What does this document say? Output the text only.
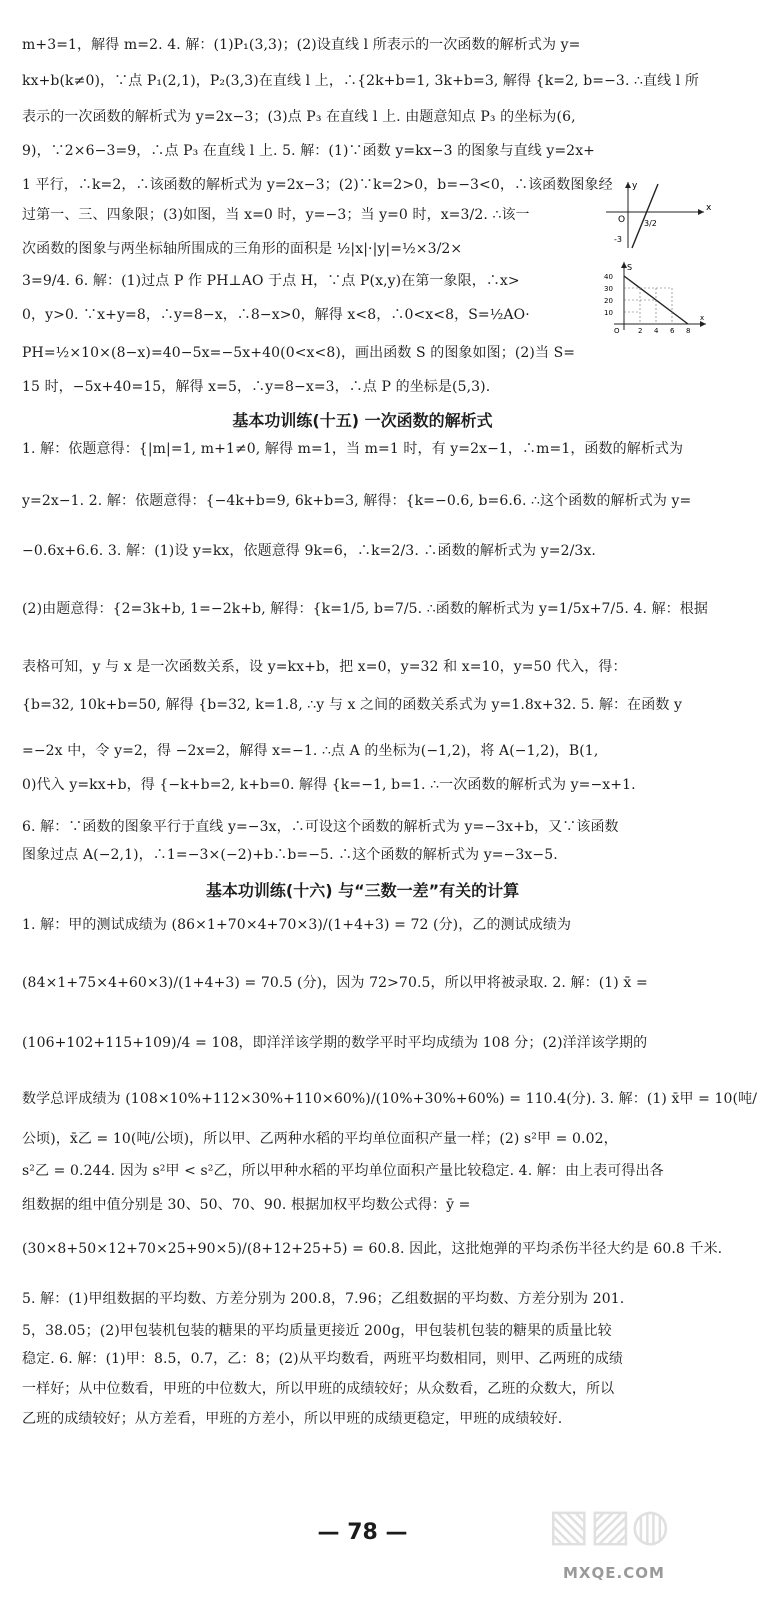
m+3=1，解得 m=2. 4. 解：(1)P₁(3,3)；(2)设直线 l 所表示的一次函数的解析式为 y=
kx+b(k≠0)，∵点 P₁(2,1)，P₂(3,3)在直线 l 上，∴{2k+b=1, 3k+b=3, 解得 {k=2, b=−3. ∴直线 l 所
表示的一次函数的解析式为 y=2x−3；(3)点 P₃ 在直线 l 上. 由题意知点 P₃ 的坐标为(6,
9)，∵2×6−3=9，∴点 P₃ 在直线 l 上. 5. 解：(1)∵函数 y=kx−3 的图象与直线 y=2x+
1 平行，∴k=2，∴该函数的解析式为 y=2x−3；(2)∵k=2>0，b=−3<0，∴该函数图象经
过第一、三、四象限；(3)如图，当 x=0 时，y=−3；当 y=0 时，x=3/2. ∴该一
次函数的图象与两坐标轴所围成的三角形的面积是 ½|x|·|y|=½×3/2×
3=9/4. 6. 解：(1)过点 P 作 PH⊥AO 于点 H，∵点 P(x,y)在第一象限，∴x>
0，y>0. ∵x+y=8，∴y=8−x，∴8−x>0，解得 x<8，∴0<x<8，S=½AO·
PH=½×10×(8−x)=40−5x=−5x+40(0<x<8)，画出函数 S 的图象如图；(2)当 S=
15 时，−5x+40=15，解得 x=5，∴y=8−x=3，∴点 P 的坐标是(5,3).
基本功训练(十五) 一次函数的解析式
1. 解：依题意得：{|m|=1, m+1≠0, 解得 m=1，当 m=1 时，有 y=2x−1，∴m=1，函数的解析式为
y=2x−1. 2. 解：依题意得：{−4k+b=9, 6k+b=3, 解得：{k=−0.6, b=6.6. ∴这个函数的解析式为 y=
−0.6x+6.6. 3. 解：(1)设 y=kx，依题意得 9k=6，∴k=2/3. ∴函数的解析式为 y=2/3x.
(2)由题意得：{2=3k+b, 1=−2k+b, 解得：{k=1/5, b=7/5. ∴函数的解析式为 y=1/5x+7/5. 4. 解：根据
表格可知，y 与 x 是一次函数关系，设 y=kx+b，把 x=0，y=32 和 x=10，y=50 代入，得：
{b=32, 10k+b=50, 解得 {b=32, k=1.8, ∴y 与 x 之间的函数关系式为 y=1.8x+32. 5. 解：在函数 y
=−2x 中，令 y=2，得 −2x=2，解得 x=−1. ∴点 A 的坐标为(−1,2)，将 A(−1,2)，B(1,
0)代入 y=kx+b，得 {−k+b=2, k+b=0. 解得 {k=−1, b=1. ∴一次函数的解析式为 y=−x+1.
6. 解：∵函数的图象平行于直线 y=−3x，∴可设这个函数的解析式为 y=−3x+b，又∵该函数
图象过点 A(−2,1)，∴1=−3×(−2)+b∴b=−5. ∴这个函数的解析式为 y=−3x−5.
基本功训练(十六) 与“三数一差”有关的计算
1. 解：甲的测试成绩为 (86×1+70×4+70×3)/(1+4+3) = 72 (分)，乙的测试成绩为
(84×1+75×4+60×3)/(1+4+3) = 70.5 (分)，因为 72>70.5，所以甲将被录取. 2. 解：(1) x̄ =
(106+102+115+109)/4 = 108，即洋洋该学期的数学平时平均成绩为 108 分；(2)洋洋该学期的
数学总评成绩为 (108×10%+112×30%+110×60%)/(10%+30%+60%) = 110.4(分). 3. 解：(1) x̄甲 = 10(吨/
公顷)，x̄乙 = 10(吨/公顷)，所以甲、乙两种水稻的平均单位面积产量一样；(2) s²甲 = 0.02，
s²乙 = 0.244. 因为 s²甲 < s²乙，所以甲种水稻的平均单位面积产量比较稳定. 4. 解：由上表可得出各
组数据的组中值分别是 30、50、70、90. 根据加权平均数公式得：ȳ =
(30×8+50×12+70×25+90×5)/(8+12+25+5) = 60.8. 因此，这批炮弹的平均杀伤半径大约是 60.8 千米.
5. 解：(1)甲组数据的平均数、方差分别为 200.8，7.96；乙组数据的平均数、方差分别为 201.
5，38.05；(2)甲包装机包装的糖果的平均质量更接近 200g，甲包装机包装的糖果的质量比较
稳定. 6. 解：(1)甲：8.5，0.7，乙：8；(2)从平均数看，两班平均数相同，则甲、乙两班的成绩
一样好；从中位数看，甲班的中位数大，所以甲班的成绩较好；从众数看，乙班的众数大，所以
乙班的成绩较好；从方差看，甲班的方差小，所以甲班的成绩更稳定，甲班的成绩较好.
x
y
O 3/2
-3
S
40
30
20
10
O	2 4 6 8
x
— 78 —	▧▨◍
MXQE.COM
